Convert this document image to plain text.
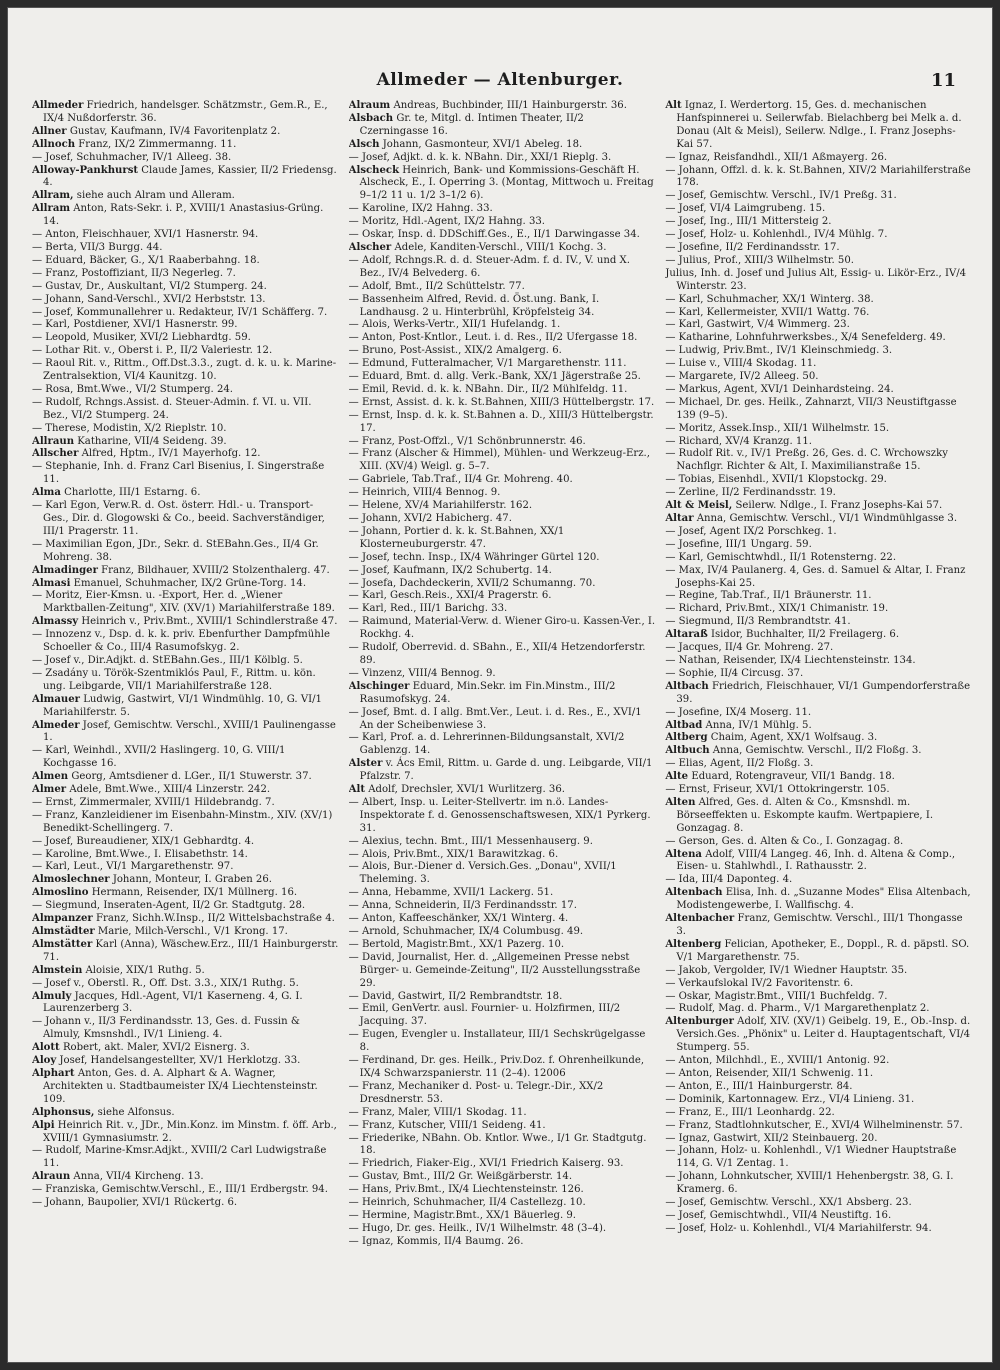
Allmeder — Altenburger.	11

Allmeder Friedrich, handelsger. Schätzmstr., Gem.R., E., IX/4 Nußdorferstr. 36.

Allner Gustav, Kaufmann, IV/4 Favoritenplatz 2.

Allnoch Franz, IX/2 Zimmermanng. 11.

— Josef, Schuhmacher, IV/1 Alleeg. 38.

Alloway-Pankhurst Claude James, Kassier, II/2 Friedensg. 4.

Allram, siehe auch Alram und Alleram.

Allram Anton, Rats-Sekr. i. P., XVIII/1 Anastasius-Grüng. 14.

— Anton, Fleischhauer, XVI/1 Hasnerstr. 94.

— Berta, VII/3 Burgg. 44.

— Eduard, Bäcker, G., X/1 Raaberbahng. 18.

— Franz, Postoffiziant, II/3 Negerleg. 7.

— Gustav, Dr., Auskultant, VI/2 Stumperg. 24.

— Johann, Sand-Verschl., XVI/2 Herbststr. 13.

— Josef, Kommunallehrer u. Redakteur, IV/1 Schäfferg. 7.

— Karl, Postdiener, XVI/1 Hasnerstr. 99.

— Leopold, Musiker, XVI/2 Liebhardtg. 59.

— Lothar Rit. v., Oberst i. P., II/2 Valeriestr. 12.

— Raoul Rit. v., Rittm., Off.Dst.3.3., zugt. d. k. u. k. Marine-Zentralsektion, VI/4 Kaunitzg. 10.

— Rosa, Bmt.Wwe., VI/2 Stumperg. 24.

— Rudolf, Rchngs.Assist. d. Steuer-Admin. f. VI. u. VII. Bez., VI/2 Stumperg. 24.

— Therese, Modistin, X/2 Rieplstr. 10.

Allraun Katharine, VII/4 Seideng. 39.

Allscher Alfred, Hptm., IV/1 Mayerhofg. 12.

— Stephanie, Inh. d. Franz Carl Bisenius, I. Singerstraße 11.

Alma Charlotte, III/1 Estarng. 6.

— Karl Egon, Verw.R. d. Ost. österr. Hdl.- u. Transport-Ges., Dir. d. Glogowski & Co., beeid. Sachverständiger, III/1 Pragerstr. 11.

— Maximilian Egon, JDr., Sekr. d. StEBahn.Ges., II/4 Gr. Mohreng. 38.

Almadinger Franz, Bildhauer, XVIII/2 Stolzenthalerg. 47.

Almasi Emanuel, Schuhmacher, IX/2 Grüne-Torg. 14.

— Moritz, Eier-Kmsn. u. -Export, Her. d. „Wiener Marktballen-Zeitung", XIV. (XV/1) Mariahilferstraße 189.

Almassy Heinrich v., Priv.Bmt., XVIII/1 Schindlerstraße 47.

— Innozenz v., Dsp. d. k. k. priv. Ebenfurther Dampfmühle Schoeller & Co., III/4 Rasumofskyg. 2.

— Josef v., Dir.Adjkt. d. StEBahn.Ges., III/1 Kölblg. 5.

— Zsadány u. Török-Szentmiklós Paul, F., Rittm. u. kön. ung. Leibgarde, VII/1 Mariahilferstraße 128.

Almauer Ludwig, Gastwirt, VI/1 Windmühlg. 10, G. VI/1 Mariahilferstr. 5.

Almeder Josef, Gemischtw. Verschl., XVIII/1 Paulinengasse 1.

— Karl, Weinhdl., XVII/2 Haslingerg. 10, G. VIII/1 Kochgasse 16.

Almen Georg, Amtsdiener d. LGer., II/1 Stuwerstr. 37.

Almer Adele, Bmt.Wwe., XIII/4 Linzerstr. 242.

— Ernst, Zimmermaler, XVIII/1 Hildebrandg. 7.

— Franz, Kanzleidiener im Eisenbahn-Minstm., XIV. (XV/1) Benedikt-Schellingerg. 7.

— Josef, Bureaudiener, XIX/1 Gebhardtg. 4.

— Karoline, Bmt.Wwe., I. Elisabethstr. 14.

— Karl, Leut., VI/1 Margarethenstr. 97.

Almoslechner Johann, Monteur, I. Graben 26.

Almoslino Hermann, Reisender, IX/1 Müllnerg. 16.

— Siegmund, Inseraten-Agent, II/2 Gr. Stadtgutg. 28.

Almpanzer Franz, Sichh.W.Insp., II/2 Wittelsbachstraße 4.

Almstädter Marie, Milch-Verschl., V/1 Krong. 17.

Almstätter Karl (Anna), Wäschew.Erz., III/1 Hainburgerstr. 71.

Almstein Aloisie, XIX/1 Ruthg. 5.

— Josef v., Oberstl. R., Off. Dst. 3.3., XIX/1 Ruthg. 5.

Almuly Jacques, Hdl.-Agent, VI/1 Kaserneng. 4, G. I. Laurenzerberg 3.

— Johann v., II/3 Ferdinandsstr. 13, Ges. d. Fussin & Almuly, Kmsnshdl., IV/1 Linieng. 4.

Alott Robert, akt. Maler, XVI/2 Eisnerg. 3.

Aloy Josef, Handelsangestellter, XV/1 Herklotzg. 33.

Alphart Anton, Ges. d. A. Alphart & A. Wagner, Architekten u. Stadtbaumeister IX/4 Liechtensteinstr. 109.

Alphonsus, siehe Alfonsus.

Alpi Heinrich Rit. v., JDr., Min.Konz. im Minstm. f. öff. Arb., XVIII/1 Gymnasiumstr. 2.

— Rudolf, Marine-Kmsr.Adjkt., XVIII/2 Carl Ludwigstraße 11.

Alraun Anna, VII/4 Kircheng. 13.

— Franziska, Gemischtw.Verschl., E., III/1 Erdbergstr. 94.

— Johann, Baupolier, XVI/1 Rückertg. 6.

Alraum Andreas, Buchbinder, III/1 Hainburgerstr. 36.

Alsbach Gr. te, Mitgl. d. Intimen Theater, II/2 Czerningasse 16.

Alsch Johann, Gasmonteur, XVI/1 Abeleg. 18.

— Josef, Adjkt. d. k. k. NBahn. Dir., XXI/1 Rieplg. 3.

Alscheck Heinrich, Bank- und Kommissions-Geschäft H. Alscheck, E., I. Operring 3. (Montag, Mittwoch u. Freitag 9–1/2 11 u. 1/2 3–1/2 6).

— Karoline, IX/2 Hahng. 33.

— Moritz, Hdl.-Agent, IX/2 Hahng. 33.

— Oskar, Insp. d. DDSchiff.Ges., E., II/1 Darwingasse 34.

Alscher Adele, Kanditen-Verschl., VIII/1 Kochg. 3.

— Adolf, Rchngs.R. d. d. Steuer-Adm. f. d. IV., V. und X. Bez., IV/4 Belvederg. 6.

— Adolf, Bmt., II/2 Schüttelstr. 77.

— Bassenheim Alfred, Revid. d. Öst.ung. Bank, I. Landhausg. 2 u. Hinterbrühl, Kröpfelsteig 34.

— Alois, Werks-Vertr., XII/1 Hufelandg. 1.

— Anton, Post-Kntlor., Leut. i. d. Res., II/2 Ufergasse 18.

— Bruno, Post-Assist., XIX/2 Amalgerg. 6.

— Edmund, Futteralmacher, V/1 Margarethenstr. 111.

— Eduard, Bmt. d. allg. Verk.-Bank, XX/1 Jägerstraße 25.

— Emil, Revid. d. k. k. NBahn. Dir., II/2 Mühlfeldg. 11.

— Ernst, Assist. d. k. k. St.Bahnen, XIII/3 Hüttelbergstr. 17.

— Ernst, Insp. d. k. k. St.Bahnen a. D., XIII/3 Hüttelbergstr. 17.

— Franz, Post-Offzl., V/1 Schönbrunnerstr. 46.

— Franz (Alscher & Himmel), Mühlen- und Werkzeug-Erz., XIII. (XV/4) Weigl. g. 5–7.

— Gabriele, Tab.Traf., II/4 Gr. Mohreng. 40.

— Heinrich, VIII/4 Bennog. 9.

— Helene, XV/4 Mariahilferstr. 162.

— Johann, XVI/2 Habicherg. 47.

— Johann, Portier d. k. k. St.Bahnen, XX/1 Klosterneuburgerstr. 47.

— Josef, techn. Insp., IX/4 Währinger Gürtel 120.

— Josef, Kaufmann, IX/2 Schubertg. 14.

— Josefa, Dachdeckerin, XVII/2 Schumanng. 70.

— Karl, Gesch.Reis., XXI/4 Pragerstr. 6.

— Karl, Red., III/1 Barichg. 33.

— Raimund, Material-Verw. d. Wiener Giro-u. Kassen-Ver., I. Rockhg. 4.

— Rudolf, Oberrevid. d. SBahn., E., XII/4 Hetzendorferstr. 89.

— Vinzenz, VIII/4 Bennog. 9.

Alschinger Eduard, Min.Sekr. im Fin.Minstm., III/2 Rasumofskyg. 24.

— Josef, Bmt. d. I allg. Bmt.Ver., Leut. i. d. Res., E., XVI/1 An der Scheibenwiese 3.

— Karl, Prof. a. d. Lehrerinnen-Bildungsanstalt, XVI/2 Gablenzg. 14.

Alster v. Ács Emil, Rittm. u. Garde d. ung. Leibgarde, VII/1 Pfalzstr. 7.

Alt Adolf, Drechsler, XVI/1 Wurlitzerg. 36.

— Albert, Insp. u. Leiter-Stellvertr. im n.ö. Landes-Inspektorate f. d. Genossenschaftswesen, XIX/1 Pyrkerg. 31.

— Alexius, techn. Bmt., III/1 Messenhauserg. 9.

— Alois, Priv.Bmt., XIX/1 Barawitzkag. 6.

— Alois, Bur.-Diener d. Versich.Ges. „Donau", XVII/1 Theleming. 3.

— Anna, Hebamme, XVII/1 Lackerg. 51.

— Anna, Schneiderin, II/3 Ferdinandsstr. 17.

— Anton, Kaffeeschänker, XX/1 Winterg. 4.

— Arnold, Schuhmacher, IX/4 Columbusg. 49.

— Bertold, Magistr.Bmt., XX/1 Pazerg. 10.

— David, Journalist, Her. d. „Allgemeinen Presse nebst Bürger- u. Gemeinde-Zeitung", II/2 Ausstellungsstraße 29.

— David, Gastwirt, II/2 Rembrandtstr. 18.

— Emil, GenVertr. ausl. Fournier- u. Holzfirmen, III/2 Jacquing. 37.

— Eugen, Evengler u. Installateur, III/1 Sechskrügelgasse 8.

— Ferdinand, Dr. ges. Heilk., Priv.Doz. f. Ohrenheilkunde, IX/4 Schwarzspanierstr. 11 (2–4). 12006

— Franz, Mechaniker d. Post- u. Telegr.-Dir., XX/2 Dresdnerstr. 53.

— Franz, Maler, VIII/1 Skodag. 11.

— Franz, Kutscher, VIII/1 Seideng. 41.

— Friederike, NBahn. Ob. Kntlor. Wwe., I/1 Gr. Stadtgutg. 18.

— Friedrich, Fiaker-Eig., XVI/1 Friedrich Kaiserg. 93.

— Gustav, Bmt., III/2 Gr. Weißgärberstr. 14.

— Hans, Priv.Bmt., IX/4 Liechtensteinstr. 126.

— Heinrich, Schuhmacher, II/4 Castellezg. 10.

— Hermine, Magistr.Bmt., XX/1 Bäuerleg. 9.

— Hugo, Dr. ges. Heilk., IV/1 Wilhelmstr. 48 (3–4).

— Ignaz, Kommis, II/4 Baumg. 26.

Alt Ignaz, I. Werdertorg. 15, Ges. d. mechanischen Hanfspinnerei u. Seilerwfab. Bielachberg bei Melk a. d. Donau (Alt & Meisl), Seilerw. Ndlge., I. Franz Josephs-Kai 57.

— Ignaz, Reisfandhdl., XII/1 Aßmayerg. 26.

— Johann, Offzl. d. k. k. St.Bahnen, XIV/2 Mariahilferstraße 178.

— Josef, Gemischtw. Verschl., IV/1 Preßg. 31.

— Josef, VI/4 Laimgrubeng. 15.

— Josef, Ing., III/1 Mittersteig 2.

— Josef, Holz- u. Kohlenhdl., IV/4 Mühlg. 7.

— Josefine, II/2 Ferdinandsstr. 17.

— Julius, Prof., XIII/3 Wilhelmstr. 50.

Julius, Inh. d. Josef und Julius Alt, Essig- u. Likör-Erz., IV/4 Winterstr. 23.

— Karl, Schuhmacher, XX/1 Winterg. 38.

— Karl, Kellermeister, XVII/1 Wattg. 76.

— Karl, Gastwirt, V/4 Wimmerg. 23.

— Katharine, Lohnfuhrwerksbes., X/4 Senefelderg. 49.

— Ludwig, Priv.Bmt., IV/1 Kleinschmiedg. 3.

— Luise v., VIII/4 Skodag. 11.

— Margarete, IV/2 Alleeg. 50.

— Markus, Agent, XVI/1 Deinhardsteing. 24.

— Michael, Dr. ges. Heilk., Zahnarzt, VII/3 Neustiftgasse 139 (9–5).

— Moritz, Assek.Insp., XII/1 Wilhelmstr. 15.

— Richard, XV/4 Kranzg. 11.

— Rudolf Rit. v., IV/1 Preßg. 26, Ges. d. C. Wrchowszky Nachflgr. Richter & Alt, I. Maximilianstraße 15.

— Tobias, Eisenhdl., XVII/1 Klopstockg. 29.

— Zerline, II/2 Ferdinandsstr. 19.

Alt & Meisl, Seilerw. Ndlge., I. Franz Josephs-Kai 57.

Altar Anna, Gemischtw. Verschl., VI/1 Windmühlgasse 3.

— Josef, Agent IX/2 Porschkeg. 1.

— Josefine, III/1 Ungarg. 59.

— Karl, Gemischtwhdl., II/1 Rotensterng. 22.

— Max, IV/4 Paulanerg. 4, Ges. d. Samuel & Altar, I. Franz Josephs-Kai 25.

— Regine, Tab.Traf., II/1 Bräunerstr. 11.

— Richard, Priv.Bmt., XIX/1 Chimanistr. 19.

— Siegmund, II/3 Rembrandtstr. 41.

Altaraß Isidor, Buchhalter, II/2 Freilagerg. 6.

— Jacques, II/4 Gr. Mohreng. 27.

— Nathan, Reisender, IX/4 Liechtensteinstr. 134.

— Sophie, II/4 Circusg. 37.

Altbach Friedrich, Fleischhauer, VI/1 Gumpendorferstraße 39.

— Josefine, IX/4 Moserg. 11.

Altbad Anna, IV/1 Mühlg. 5.

Altberg Chaim, Agent, XX/1 Wolfsaug. 3.

Altbuch Anna, Gemischtw. Verschl., II/2 Floßg. 3.

— Elias, Agent, II/2 Floßg. 3.

Alte Eduard, Rotengraveur, VII/1 Bandg. 18.

— Ernst, Friseur, XVI/1 Ottokringerstr. 105.

Alten Alfred, Ges. d. Alten & Co., Kmsnshdl. m. Börseeffekten u. Eskompte kaufm. Wertpapiere, I. Gonzagag. 8.

— Gerson, Ges. d. Alten & Co., I. Gonzagag. 8.

Altena Adolf, VIII/4 Langeg. 46, Inh. d. Altena & Comp., Eisen- u. Stahlwhdl., I. Rathausstr. 2.

— Ida, III/4 Daponteg. 4.

Altenbach Elisa, Inh. d. „Suzanne Modes" Elisa Altenbach, Modistengewerbe, I. Wallfischg. 4.

Altenbacher Franz, Gemischtw. Verschl., III/1 Thongasse 3.

Altenberg Felician, Apotheker, E., Doppl., R. d. päpstl. SO. V/1 Margarethenstr. 75.

— Jakob, Vergolder, IV/1 Wiedner Hauptstr. 35.

— Verkaufslokal IV/2 Favoritenstr. 6.

— Oskar, Magistr.Bmt., VIII/1 Buchfeldg. 7.

— Rudolf, Mag. d. Pharm., V/1 Margarethenplatz 2.

Altenburger Adolf, XIV. (XV/1) Geibelg. 19, E., Ob.-Insp. d. Versich.Ges. „Phönix" u. Leiter d. Hauptagentschaft, VI/4 Stumperg. 55.

— Anton, Milchhdl., E., XVIII/1 Antonig. 92.

— Anton, Reisender, XII/1 Schwenig. 11.

— Anton, E., III/1 Hainburgerstr. 84.

— Dominik, Kartonnagew. Erz., VI/4 Linieng. 31.

— Franz, E., III/1 Leonhardg. 22.

— Franz, Stadtlohnkutscher, E., XVI/4 Wilhelminenstr. 57.

— Ignaz, Gastwirt, XII/2 Steinbauerg. 20.

— Johann, Holz- u. Kohlenhdl., V/1 Wiedner Hauptstraße 114, G. V/1 Zentag. 1.

— Johann, Lohnkutscher, XVIII/1 Hehenbergstr. 38, G. I. Kramerg. 6.

— Josef, Gemischtw. Verschl., XX/1 Absberg. 23.

— Josef, Gemischtwhdl., VII/4 Neustiftg. 16.

— Josef, Holz- u. Kohlenhdl., VI/4 Mariahilferstr. 94.
